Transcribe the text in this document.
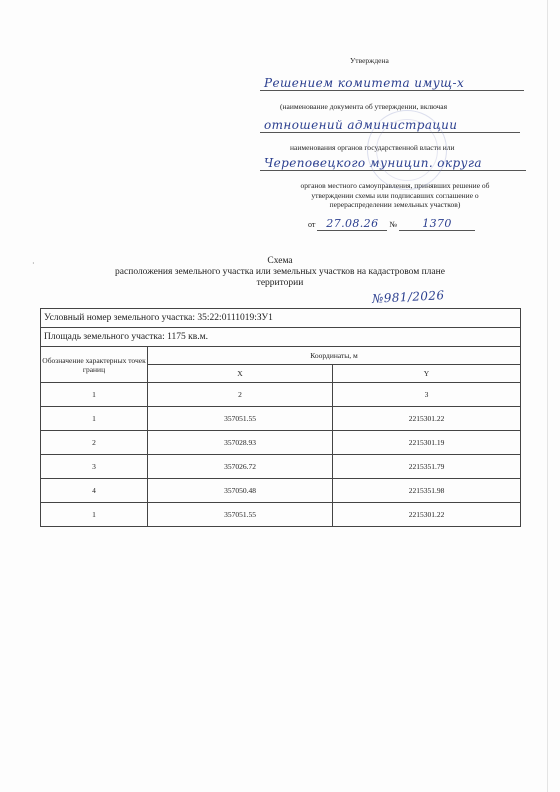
Утверждена
Решением комитета имущ-х
(наименование документа об утверждении, включая
отношений администрации
наименования органов государственной власти или
Череповецкого муницип. округа
органов местного самоуправления, принявших решение об утверждении схемы или подписавших соглашение о перераспределении земельных участков)
от 27.08.26 № 1370
·	Схема
расположения земельного участка или земельных участков на кадастровом плане
территории
№981/2026
Условный номер земельного участка: 35:22:0111019:ЗУ1		
Площадь земельного участка: 1175 кв.м.		
Обозначение характерных точек границ	Координаты, м	
	X	Y
1	2	3
1	357051.55	2215301.22
2	357028.93	2215301.19
3	357026.72	2215351.79
4	357050.48	2215351.98
1	357051.55	2215301.22
